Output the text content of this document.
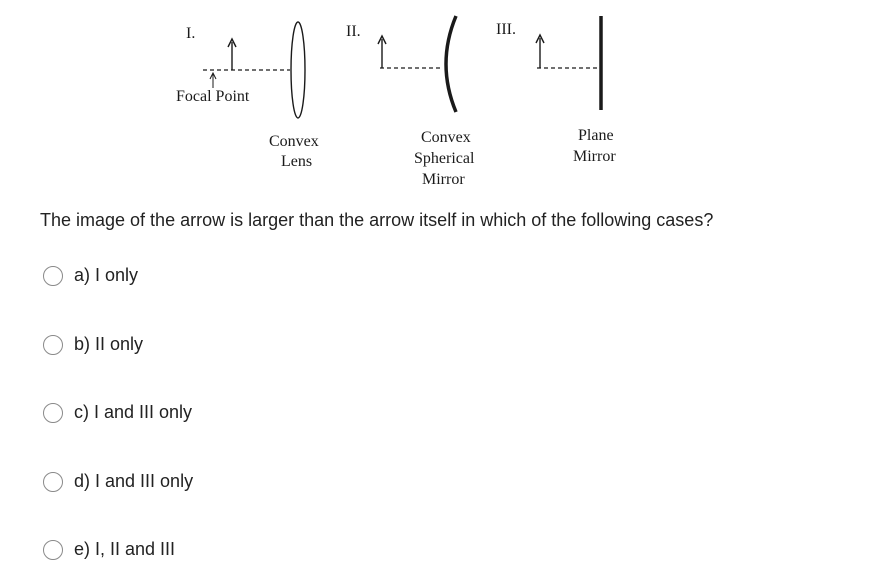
I.
Focal Point
Convex
Lens
II.
Convex
Spherical
Mirror
III.
Plane
Mirror
The image of the arrow is larger than the arrow itself in which of the following cases?
a) I only
b) II only
c) I and III only
d) I and III only
e) I, II and III
